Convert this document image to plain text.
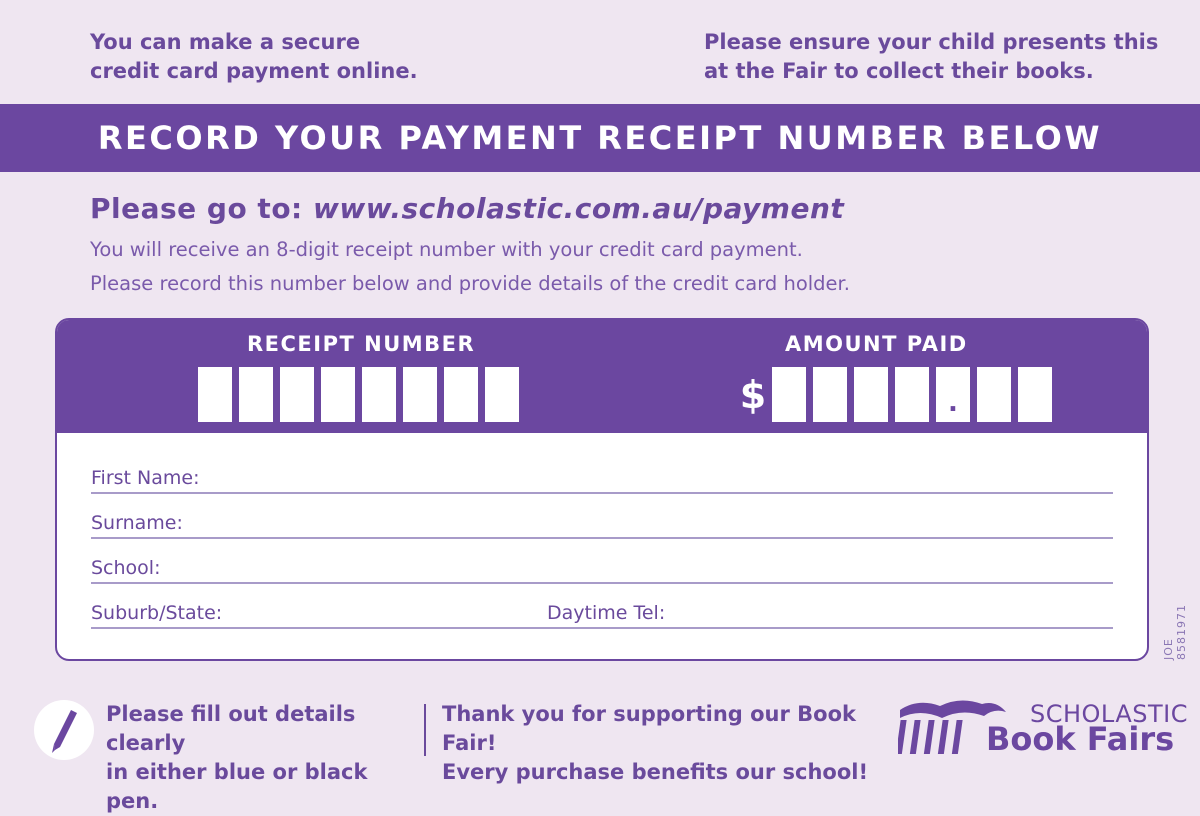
You can make a secure
credit card payment online.
Please ensure your child presents this
at the Fair to collect their books.
RECORD YOUR PAYMENT RECEIPT NUMBER BELOW
Please go to: www.scholastic.com.au/payment
You will receive an 8-digit receipt number with your credit card payment.
Please record this number below and provide details of the credit card holder.
RECEIPT NUMBER	AMOUNT PAID
$	.
First Name:
Surname:
School:
Suburb/State:	Daytime Tel:
JOE 8581971
Please fill out details clearly
in either blue or black pen.
Thank you for supporting our Book Fair!
Every purchase benefits our school!
SCHOLASTIC
Book Fairs
